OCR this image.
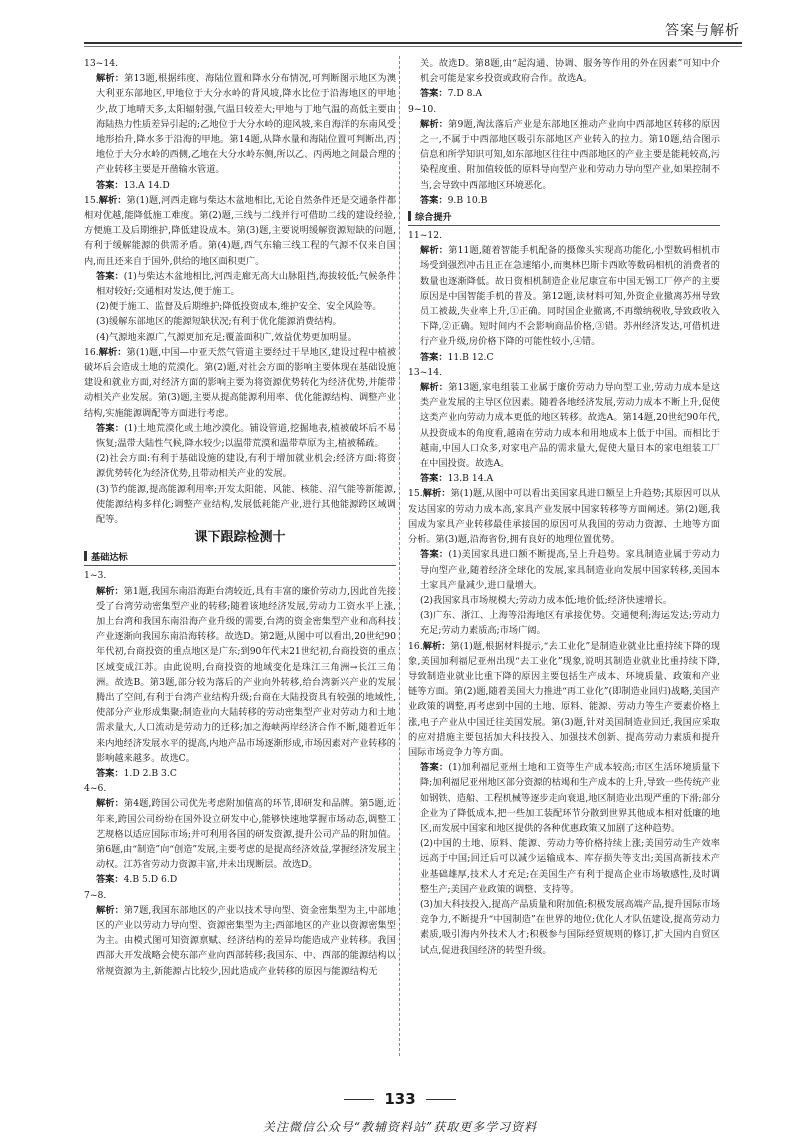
答案与解析
13~14.

解析：第13题,根据纬度、海陆位置和降水分布情况,可判断图示地区为澳大利亚东部地区,甲地位于大分水岭的背风坡,降水比位于沿海地区的甲地少,故丁地晴天多,太阳辐射强,气温日较差大;甲地与丁地气温的高低主要由海陆热力性质差异引起的;乙地位于大分水岭的迎风坡,来自海洋的东南风受地形抬升,降水多于沿海的甲地。第14题,从降水量和海陆位置可判断出,丙地位于大分水岭的西侧,乙地在大分水岭东侧,所以乙、丙两地之间最合理的产业转移主要是开凿输水管道。

答案：13.A 14.D

15.解析：第(1)题,河西走廊与柴达木盆地相比,无论自然条件还是交通条件都相对优越,能降低施工难度。第(2)题,三线与二线并行可借助二线的建设经验,方便施工及后期维护,降低建设成本。第(3)题,主要说明缓解资源短缺的问题,有利于缓解能源的供需矛盾。第(4)题,西气东输三线工程的气源不仅来自国内,而且还来自于国外,供给的地区面积更广。

答案：(1)与柴达木盆地相比,河西走廊无高大山脉阻挡,海拔较低;气候条件相对较好;交通相对发达,便于施工。

(2)便于施工、监督及后期维护;降低投资成本,维护安全、安全风险等。

(3)缓解东部地区的能源短缺状况;有利于优化能源消费结构。

(4)气源地来源广,气源更加充足;覆盖面积广,效益优势更加明显。

16.解析：第(1)题,中国—中亚天然气管道主要经过干旱地区,建设过程中植被破坏后会造成土地的荒漠化。第(2)题,对社会方面的影响主要体现在基础设施建设和就业方面,对经济方面的影响主要为将资源优势转化为经济优势,并能带动相关产业发展。第(3)题,主要从提高能源利用率、优化能源结构、调整产业结构,实施能源调配等方面进行考虑。

答案：(1)土地荒漠化或土地沙漠化。铺设管道,挖掘地表,植被破坏后不易恢复;温带大陆性气候,降水较少;以温带荒漠和温带草原为主,植被稀疏。

(2)社会方面:有利于基础设施的建设,有利于增加就业机会;经济方面:将资源优势转化为经济优势,且带动相关产业的发展。

(3)节约能源,提高能源利用率;开发太阳能、风能、核能、沼气能等新能源,使能源结构多样化;调整产业结构,发展低耗能产业,进行其他能源跨区域调配等。

课下跟踪检测十
基础达标
1~3.

解析：第1题,我国东南沿海距台湾较近,具有丰富的廉价劳动力,因此首先接受了台湾劳动密集型产业的转移;随着该地经济发展,劳动力工资水平上涨,加上台湾和我国东南沿海产业升级的需要,台湾的资金密集型产业和高科技产业逐渐向我国东南沿海转移。故选D。第2题,从图中可以看出,20世纪90年代初,台商投资的重点地区是广东;到90年代末21世纪初,台商投资的重点区域变成江苏。由此说明,台商投资的地域变化是珠江三角洲→长江三角洲。故选B。第3题,部分较为落后的产业向外转移,给台湾新兴产业的发展腾出了空间,有利于台湾产业结构升级;台商在大陆投资具有较强的地域性,使部分产业形成集聚;制造业向大陆转移的劳动密集型产业对劳动力和土地需求量大,人口流动是劳动力的迁移;加之海峡两岸经济合作不断,随着近年来内地经济发展水平的提高,内地产品市场逐渐形成,市场因素对产业转移的影响越来越多。故选C。

答案：1.D 2.B 3.C

4~6.

解析：第4题,跨国公司优先考虑附加值高的环节,即研发和品牌。第5题,近年来,跨国公司纷纷在国外设立研发中心,能够快速地掌握市场动态,调整工艺规格以适应国际市场;并可利用各国的研发资源,提升公司产品的附加值。第6题,由“制造”向“创造”发展,主要考虑的是提高经济效益,掌握经济发展主动权。江苏省劳动力资源丰富,并未出现断层。故选D。

答案：4.B 5.D 6.D

7~8.

解析：第7题,我国东部地区的产业以技术导向型、资金密集型为主,中部地区的产业以劳动力导向型、资源密集型为主;西部地区的产业以资源密集型为主。由模式图可知资源禀赋、经济结构的差异均能造成产业转移。我国西部大开发战略会使东部产业向西部转移;我国东、中、西部的能源结构以常规资源为主,新能源占比较少,因此造成产业转移的原因与能源结构无

关。故选D。第8题,由“起沟通、协调、服务等作用的外在因素”可知中介机会可能是家乡投资或政府合作。故选A。

答案：7.D 8.A

9~10.

解析：第9题,淘汰落后产业是东部地区推动产业向中西部地区转移的原因之一,不属于中西部地区吸引东部地区产业转入的拉力。第10题,结合图示信息和所学知识可知,如东部地区往往中西部地区的产业主要是能耗较高,污染程度重、附加值较低的原料导向型产业和劳动力导向型产业,如果控制不当,会导致中西部地区环境恶化。

答案：9.B 10.B

综合提升
11~12.

解析：第11题,随着智能手机配备的摄像头实现高功能化,小型数码相机市场受到强烈冲击且正在急速缩小,而奥林巴斯卡西欧等数码相机的消费者的数量也逐渐降低。故日资相机制造企业尼康宣布中国无锡工厂停产的主要原因是中国智能手机的普及。第12题,读材料可知,外资企业撤离苏州导致员工被裁,失业率上升,①正确。同时国企业撤离,不再缴纳税收,导致政收入下降,②正确。短时间内不会影响商品价格,③错。苏州经济发达,可借机进行产业升级,房价格下降的可能性较小,④错。

答案：11.B 12.C

13~14.

解析：第13题,家电组装工业属于廉价劳动力导向型工业,劳动力成本是这类产业发展的主导区位因素。随着各地经济发展,劳动力成本不断上升,促使这类产业向劳动力成本更低的地区转移。故选A。第14题,20世纪90年代,从投资成本的角度看,越南在劳动力成本和用地成本上低于中国。而相比于越南,中国人口众多,对家电产品的需求量大,促使大量日本的家电组装工厂在中国投资。故选A。

答案：13.B 14.A

15.解析：第(1)题,从图中可以看出美国家具进口额呈上升趋势;其原因可以从发达国家的劳动力成本高,家具产业发展中国家转移等方面阐述。第(2)题,我国成为家具产业转移最佳承接国的原因可从我国的劳动力资源、土地等方面分析。第(3)题,沿海省份,拥有良好的地理位置优势。

答案：(1)美国家具进口额不断提高,呈上升趋势。家具制造业属于劳动力导向型产业,随着经济全球化的发展,家具制造业向发展中国家转移,美国本土家具产量减少,进口量增大。

(2)我国家具市场规模大;劳动力成本低;地价低;经济快速增长。

(3)广东、浙江、上海等沿海地区有承接优势。交通便利;海运发达;劳动力充足;劳动力素质高;市场广阔。

16.解析：第(1)题,根据材料提示,“去工业化”是制造业就业比重持续下降的现象,美国加利福尼亚州出现“去工业化”现象,说明其制造业就业比重持续下降,导致制造业就业比重下降的原因主要包括生产成本、环境质量、政策和产业链等方面。第(2)题,随着美国大力推进“再工业化”(即制造业回归)战略,美国产业政策的调整,再考虑到中国的土地、原料、能源、劳动力等生产要素价格上涨,电子产业从中国迁往美国发展。第(3)题,针对美国制造业回迁,我国应采取的应对措施主要包括加大科技投入、加强技术创新、提高劳动力素质和提升国际市场竞争力等方面。

答案：(1)加利福尼亚州土地和工资等生产成本较高;市区生活环境质量下降;加利福尼亚州地区部分资源的枯竭和生产成本的上升,导致一些传统产业如钢铁、造船、工程机械等逐步走向衰退,地区制造业出现严重的下滑;部分企业为了降低成本,把一些加工装配环节分散到世界其他成本相对低廉的地区,而发展中国家和地区提供的各种优惠政策又加剧了这种趋势。

(2)中国的土地、原料、能源、劳动力等价格持续上涨;美国劳动生产效率远高于中国;回迁后可以减少运输成本、库存损失等支出;美国高新技术产业基础雄厚,技术人才充足;在美国生产有利于提高企业市场敏感性,及时调整生产;美国产业政策的调整、支持等。

(3)加大科技投入,提高产品质量和附加值;积极发展高端产品,提升国际市场竞争力,不断提升“中国制造”在世界的地位;优化人才队伍建设,提高劳动力素质,吸引海内外技术人才;积极参与国际经贸规则的修订,扩大国内自贸区试点,促进我国经济的转型升级。

133
关注微信公众号“教辅资料站”获取更多学习资料
